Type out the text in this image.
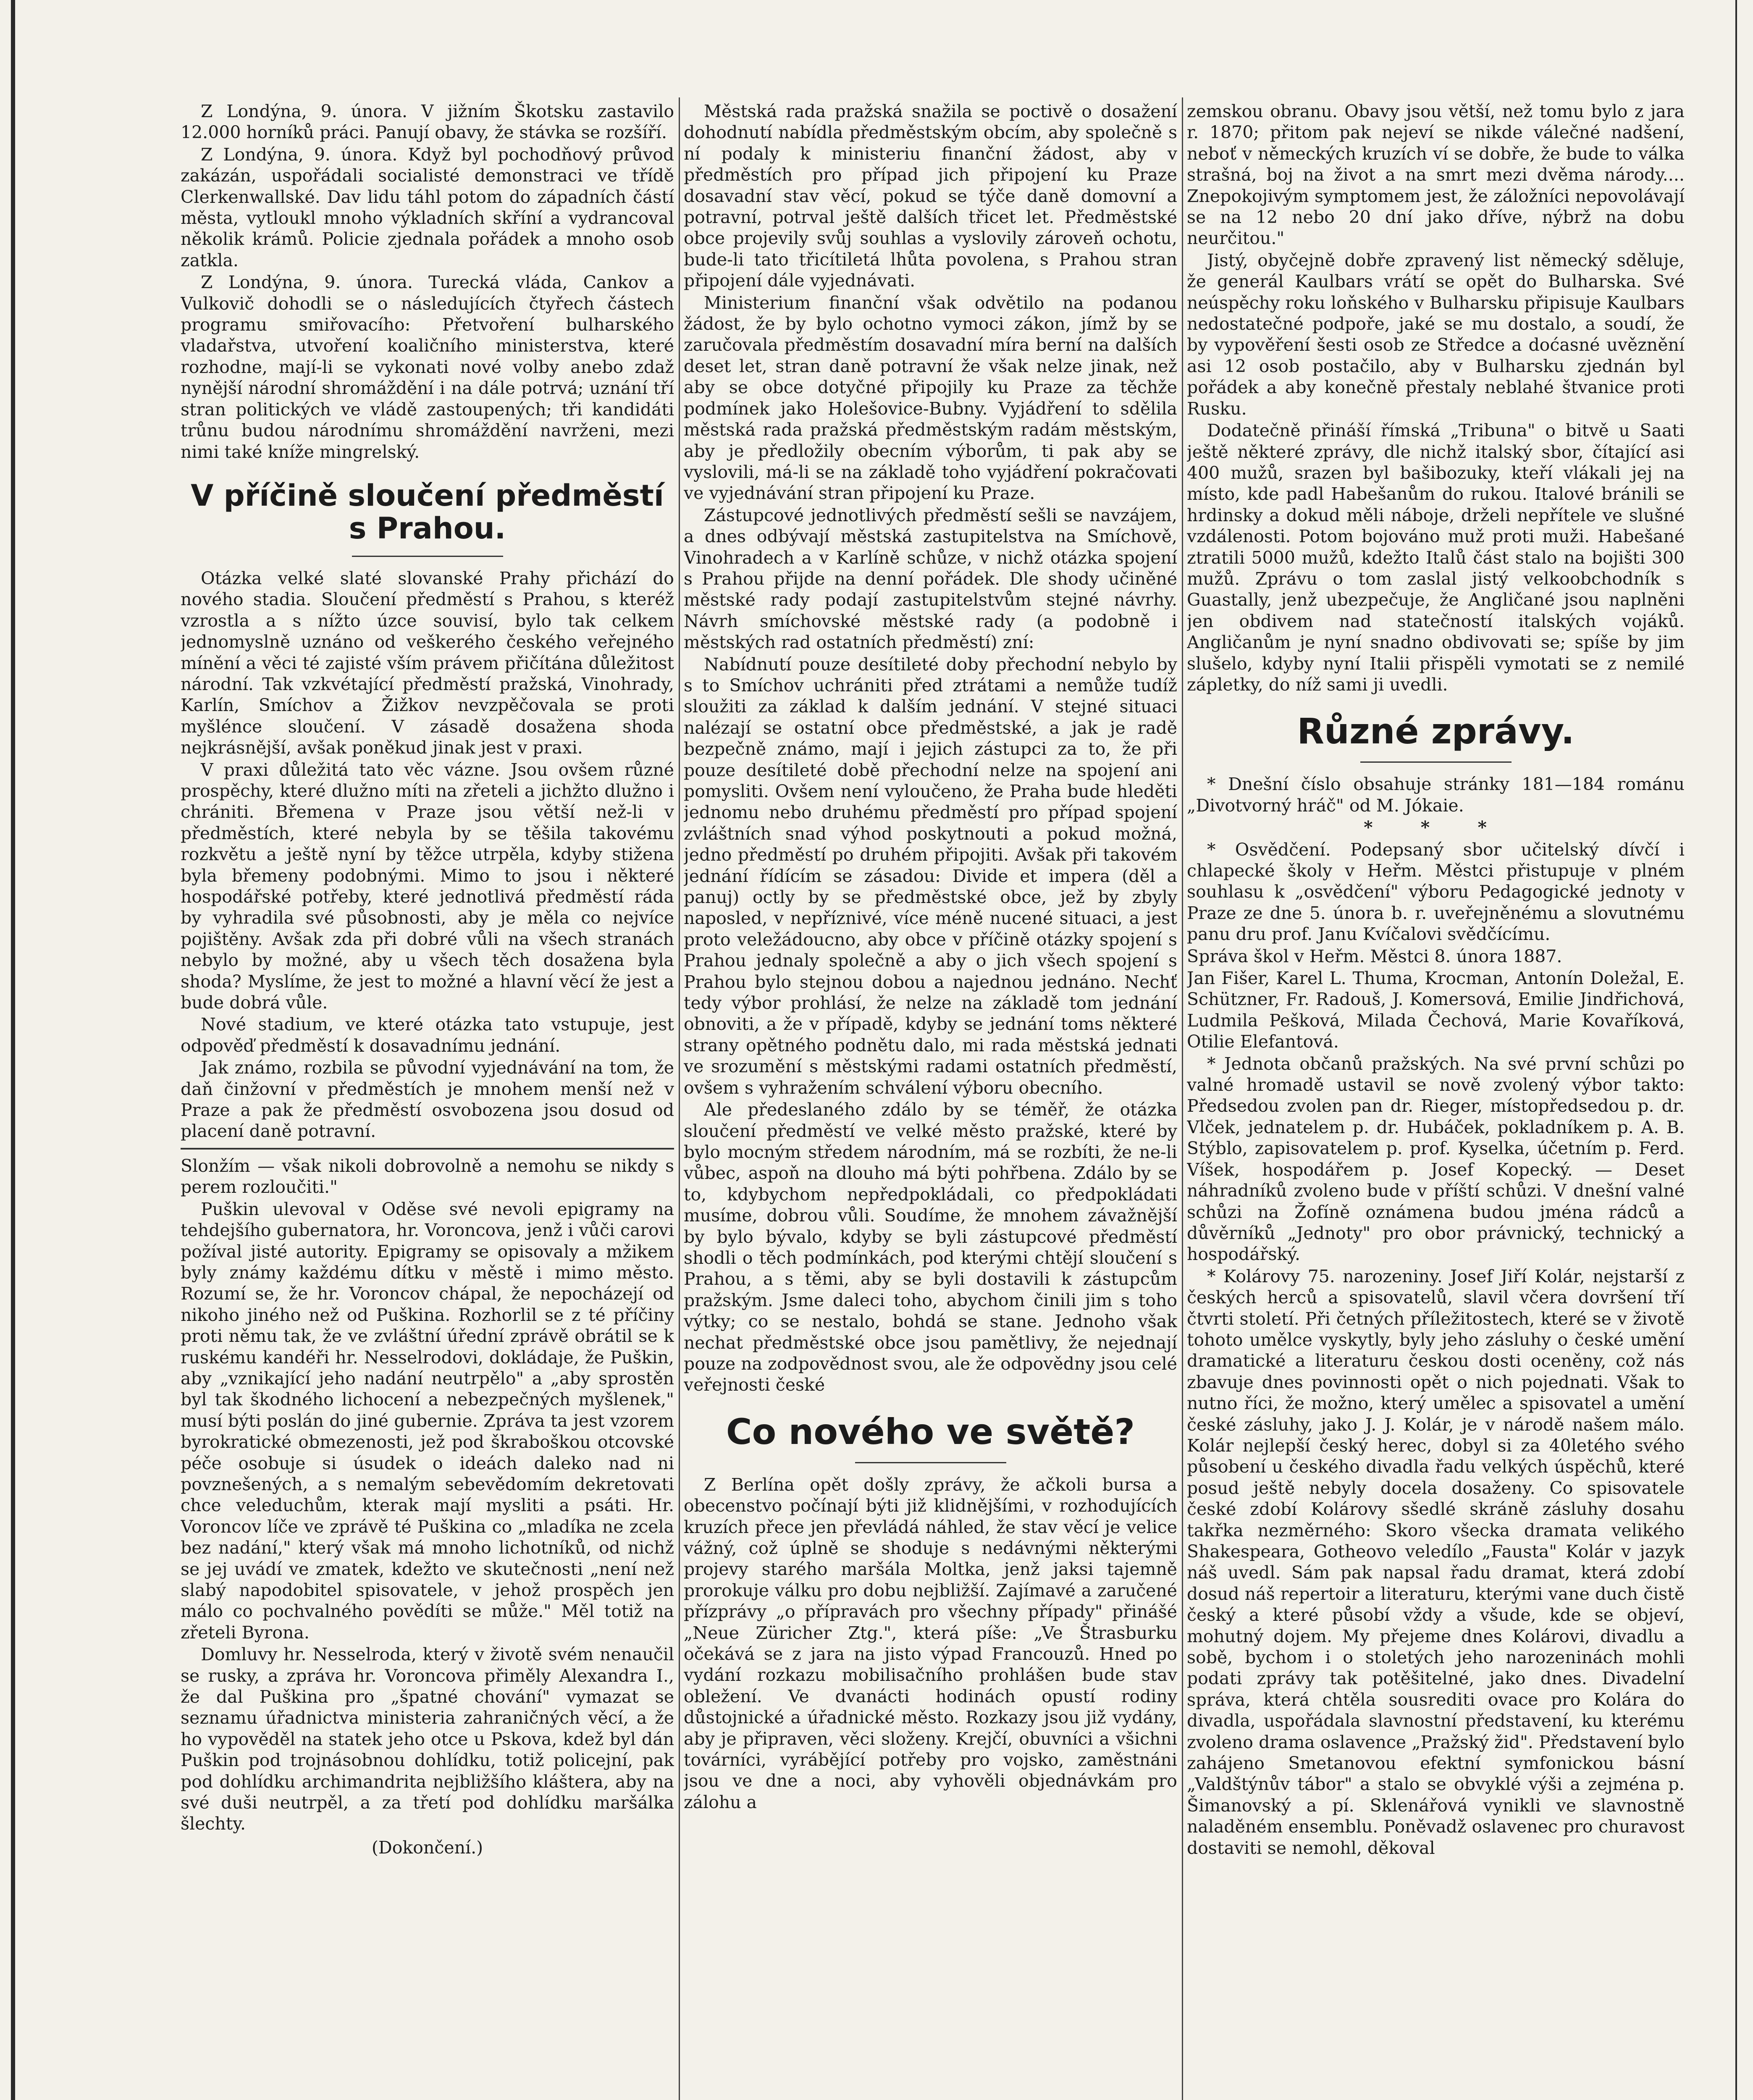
Z Londýna, 9. února. V jižním Škotsku zastavilo 12.000 horníků práci. Panují obavy, že stávka se rozšíří.

Z Londýna, 9. února. Když byl pochodňový průvod zakázán, uspořádali socialisté demonstraci ve třídě Clerkenwallské. Dav lidu táhl potom do západních částí města, vytloukl mnoho výkladních skříní a vydrancoval několik krámů. Policie zjednala pořádek a mnoho osob zatkla.

Z Londýna, 9. února. Turecká vláda, Cankov a Vulkovič dohodli se o následujících čtyřech částech programu smiřovacího: Přetvoření bulharského vladařstva, utvoření koaličního ministerstva, které rozhodne, mají-li se vykonati nové volby anebo zdaž nynější národní shromáždění i na dále potrvá; uznání tří stran politických ve vládě zastoupených; tři kandidáti trůnu budou národnímu shromáždění navrženi, mezi nimi také kníže mingrelský.

V příčině sloučení předměstí s Prahou.

Otázka velké slaté slovanské Prahy přichází do nového stadia. Sloučení předměstí s Prahou, s kteréž vzrostla a s nížto úzce souvisí, bylo tak celkem jednomyslně uznáno od veškerého českého veřejného mínění a věci té zajisté vším právem přičítána důležitost národní. Tak vzkvétající předměstí pražská, Vinohrady, Karlín, Smíchov a Žižkov nevzpěčovala se proti myšlénce sloučení. V zásadě dosažena shoda nejkrásnější, avšak poněkud jinak jest v praxi.

V praxi důležitá tato věc vázne. Jsou ovšem různé prospěchy, které dlužno míti na zřeteli a jichžto dlužno i chrániti. Břemena v Praze jsou větší než-li v předměstích, které nebyla by se těšila takovému rozkvětu a ještě nyní by těžce utrpěla, kdyby stižena byla břemeny podobnými. Mimo to jsou i některé hospodářské potřeby, které jednotlivá předměstí ráda by vyhradila své působnosti, aby je měla co nejvíce pojištěny. Avšak zda při dobré vůli na všech stranách nebylo by možné, aby u všech těch dosažena byla shoda? Myslíme, že jest to možné a hlavní věcí že jest a bude dobrá vůle.

Nové stadium, ve které otázka tato vstupuje, jest odpověď předměstí k dosavadnímu jednání.

Jak známo, rozbila se původní vyjednávání na tom, že daň činžovní v předměstích je mnohem menší než v Praze a pak že předměstí osvobozena jsou dosud od placení daně potravní.

Slonžím — však nikoli dobrovolně a nemohu se nikdy s perem rozloučiti."

Puškin ulevoval v Oděse své nevoli epigramy na tehdejšího gubernatora, hr. Voroncova, jenž i vůči carovi požíval jisté autority. Epigramy se opisovaly a mžikem byly známy každému dítku v městě i mimo město. Rozumí se, že hr. Voroncov chápal, že nepocházejí od nikoho jiného než od Puškina. Rozhorlil se z té příčiny proti němu tak, že ve zvláštní úřední zprávě obrátil se k ruskému kandéři hr. Nesselrodovi, dokládaje, že Puškin, aby „vznikající jeho nadání neutrpělo" a „aby sprostěn byl tak škodného lichocení a nebezpečných myšlenek," musí býti poslán do jiné gubernie. Zpráva ta jest vzorem byrokratické obmezenosti, jež pod škraboškou otcovské péče osobuje si úsudek o ideách daleko nad ni povznešených, a s nemalým sebevědomím dekretovati chce veleduchům, kterak mají mysliti a psáti. Hr. Voroncov líče ve zprávě té Puškina co „mladíka ne zcela bez nadání," který však má mnoho lichotníků, od nichž se jej uvádí ve zmatek, kdežto ve skutečnosti „není než slabý napodobitel spisovatele, v jehož prospěch jen málo co pochvalného povědíti se může." Měl totiž na zřeteli Byrona.

Domluvy hr. Nesselroda, který v životě svém nenaučil se rusky, a zpráva hr. Voroncova přiměly Alexandra I., že dal Puškina pro „špatné chování" vymazat se seznamu úřadnictva ministeria zahraničných věcí, a že ho vypověděl na statek jeho otce u Pskova, kdež byl dán Puškin pod trojnásobnou dohlídku, totiž policejní, pak pod dohlídku archimandrita nejbližšího kláštera, aby na své duši neutrpěl, a za třetí pod dohlídku maršálka šlechty.

(Dokončení.)

Městská rada pražská snažila se poctivě o dosažení dohodnutí nabídla předměstským obcím, aby společně s ní podaly k ministeriu finanční žádost, aby v předměstích pro případ jich připojení ku Praze dosavadní stav věcí, pokud se týče daně domovní a potravní, potrval ještě dalších třicet let. Předměstské obce projevily svůj souhlas a vyslovily zároveň ochotu, bude-li tato třicítiletá lhůta povolena, s Prahou stran připojení dále vyjednávati.

Ministerium finanční však odvětilo na podanou žádost, že by bylo ochotno vymoci zákon, jímž by se zaručovala předměstím dosavadní míra berní na dalších deset let, stran daně potravní že však nelze jinak, než aby se obce dotyčné připojily ku Praze za těchže podmínek jako Holešovice-Bubny. Vyjádření to sdělila městská rada pražská předměstským radám městským, aby je předložily obecním výborům, ti pak aby se vyslovili, má-li se na základě toho vyjádření pokračovati ve vyjednávání stran připojení ku Praze.

Zástupcové jednotlivých předměstí sešli se navzájem, a dnes odbývají městská zastupitelstva na Smíchově, Vinohradech a v Karlíně schůze, v nichž otázka spojení s Prahou přijde na denní pořádek. Dle shody učiněné městské rady podají zastupitelstvům stejné návrhy. Návrh smíchovské městské rady (a podobně i městských rad ostatních předměstí) zní:

Nabídnutí pouze desítileté doby přechodní nebylo by s to Smíchov uchrániti před ztrátami a nemůže tudíž sloužiti za základ k dalším jednání. V stejné situaci nalézají se ostatní obce předměstské, a jak je radě bezpečně známo, mají i jejich zástupci za to, že při pouze desítileté době přechodní nelze na spojení ani pomysliti. Ovšem není vyloučeno, že Praha bude hleděti jednomu nebo druhému předměstí pro případ spojení zvláštních snad výhod poskytnouti a pokud možná, jedno předměstí po druhém připojiti. Avšak při takovém jednání řídícím se zásadou: Divide et impera (děl a panuj) octly by se předměstské obce, jež by zbyly naposled, v nepříznivé, více méně nucené situaci, a jest proto veležádoucno, aby obce v příčině otázky spojení s Prahou jednaly společně a aby o jich všech spojení s Prahou bylo stejnou dobou a najednou jednáno. Nechť tedy výbor prohlásí, že nelze na základě tom jednání obnoviti, a že v případě, kdyby se jednání toms některé strany opětného podnětu dalo, mi rada městská jednati ve srozumění s městskými radami ostatních předměstí, ovšem s vyhražením schválení výboru obecního.

Ale předeslaného zdálo by se téměř, že otázka sloučení předměstí ve velké město pražské, které by bylo mocným středem národním, má se rozbíti, že ne-li vůbec, aspoň na dlouho má býti pohřbena. Zdálo by se to, kdybychom nepředpokládali, co předpokládati musíme, dobrou vůli. Soudíme, že mnohem závažnější by bylo bývalo, kdyby se byli zástupcové předměstí shodli o těch podmínkách, pod kterými chtějí sloučení s Prahou, a s těmi, aby se byli dostavili k zástupcům pražským. Jsme daleci toho, abychom činili jim s toho výtky; co se nestalo, bohdá se stane. Jednoho však nechat předměstské obce jsou pamětlivy, že nejednají pouze na zodpovědnost svou, ale že odpovědny jsou celé veřejnosti české

Co nového ve světě?

Z Berlína opět došly zprávy, že ačkoli bursa a obecenstvo počínají býti již klidnějšími, v rozhodujících kruzích přece jen převládá náhled, že stav věcí je velice vážný, což úplně se shoduje s nedávnými některými projevy starého maršála Moltka, jenž jaksi tajemně prorokuje válku pro dobu nejbližší. Zajímavé a zaručené přízprávy „o přípravách pro všechny případy" přinášé „Neue Züricher Ztg.", která píše: „Ve Štrasburku očekává se z jara na jisto výpad Francouzů. Hned po vydání rozkazu mobilisačního prohlášen bude stav obležení. Ve dvanácti hodinách opustí rodiny důstojnické a úřadnické město. Rozkazy jsou již vydány, aby je připraven, věci složeny. Krejčí, obuvníci a všichni továrníci, vyrábějící potřeby pro vojsko, zaměstnáni jsou ve dne a noci, aby vyhověli objednávkám pro zálohu a

zemskou obranu. Obavy jsou větší, než tomu bylo z jara r. 1870; přitom pak nejeví se nikde válečné nadšení, neboť v německých kruzích ví se dobře, že bude to válka strašná, boj na život a na smrt mezi dvěma národy.... Znepokojivým symptomem jest, že záložníci nepovolávají se na 12 nebo 20 dní jako dříve, nýbrž na dobu neurčitou."

Jistý, obyčejně dobře zpravený list německý sděluje, že generál Kaulbars vrátí se opět do Bulharska. Své neúspěchy roku loňského v Bulharsku připisuje Kaulbars nedostatečné podpoře, jaké se mu dostalo, a soudí, že by vypověření šesti osob ze Středce a doćasné uvěznění asi 12 osob postačilo, aby v Bulharsku zjednán byl pořádek a aby konečně přestaly neblahé štvanice proti Rusku.

Dodatečně přináší římská „Tribuna" o bitvě u Saati ještě některé zprávy, dle nichž italský sbor, čítající asi 400 mužů, srazen byl bašibozuky, kteří vlákali jej na místo, kde padl Habešanům do rukou. Italové bránili se hrdinsky a dokud měli náboje, drželi nepřítele ve slušné vzdálenosti. Potom bojováno muž proti muži. Habešané ztratili 5000 mužů, kdežto Italů část stalo na bojišti 300 mužů. Zprávu o tom zaslal jistý velkoobchodník s Guastally, jenž ubezpečuje, že Angličané jsou naplněni jen obdivem nad statečností italských vojáků. Angličanům je nyní snadno obdivovati se; spíše by jim slušelo, kdyby nyní Italii přispěli vymotati se z nemilé zápletky, do níž sami ji uvedli.

Různé zprávy.

* Dnešní číslo obsahuje stránky 181—184 románu „Divotvorný hráč" od M. Jókaie.

* * *

* Osvědčení. Podepsaný sbor učitelský dívčí i chlapecké školy v Heřm. Městci přistupuje v plném souhlasu k „osvědčení" výboru Pedagogické jednoty v Praze ze dne 5. února b. r. uveřejněnému a slovutnému panu dru prof. Janu Kvíčalovi svědčícímu.

Správa škol v Heřm. Městci 8. února 1887.

Jan Fišer, Karel L. Thuma, Krocman, Antonín Doležal, E. Schützner, Fr. Radouš, J. Komersová, Emilie Jindřichová, Ludmila Pešková, Milada Čechová, Marie Kovaříková, Otilie Elefantová.

* Jednota občanů pražských. Na své první schůzi po valné hromadě ustavil se nově zvolený výbor takto: Předsedou zvolen pan dr. Rieger, místopředsedou p. dr. Vlček, jednatelem p. dr. Hubáček, pokladníkem p. A. B. Stýblo, zapisovatelem p. prof. Kyselka, účetním p. Ferd. Víšek, hospodářem p. Josef Kopecký. — Deset náhradníků zvoleno bude v příští schůzi. V dnešní valné schůzi na Žofíně oznámena budou jména rádců a důvěrníků „Jednoty" pro obor právnický, technický a hospodářský.

* Kolárovy 75. narozeniny. Josef Jiří Kolár, nejstarší z českých herců a spisovatelů, slavil včera dovršení tří čtvrti století. Při četných příležitostech, které se v životě tohoto umělce vyskytly, byly jeho zásluhy o české umění dramatické a literaturu českou dosti oceněny, což nás zbavuje dnes povinnosti opět o nich pojednati. Však to nutno říci, že možno, který umělec a spisovatel a umění české zásluhy, jako J. J. Kolár, je v národě našem málo. Kolár nejlepší český herec, dobyl si za 40letého svého působení u českého divadla řadu velkých úspěchů, které posud ještě nebyly docela dosaženy. Co spisovatele české zdobí Kolárovy sšedlé skráně zásluhy dosahu takřka nezměrného: Skoro všecka dramata velikého Shakespeara, Gotheovo veledílo „Fausta" Kolár v jazyk náš uvedl. Sám pak napsal řadu dramat, která zdobí dosud náš repertoir a literaturu, kterými vane duch čistě český a které působí vždy a všude, kde se objeví, mohutný dojem. My přejeme dnes Kolárovi, divadlu a sobě, bychom i o stoletých jeho narozeninách mohli podati zprávy tak potěšitelné, jako dnes. Divadelní správa, která chtěla sousrediti ovace pro Kolára do divadla, uspořádala slavnostní představení, ku kterému zvoleno drama oslavence „Pražský žid". Představení bylo zahájeno Smetanovou efektní symfonickou básní „Valdštýnův tábor" a stalo se obvyklé výši a zejména p. Šimanovský a pí. Sklenářová vynikli ve slavnostně naladěném ensemblu. Poněvadž oslavenec pro churavost dostaviti se nemohl, děkoval
